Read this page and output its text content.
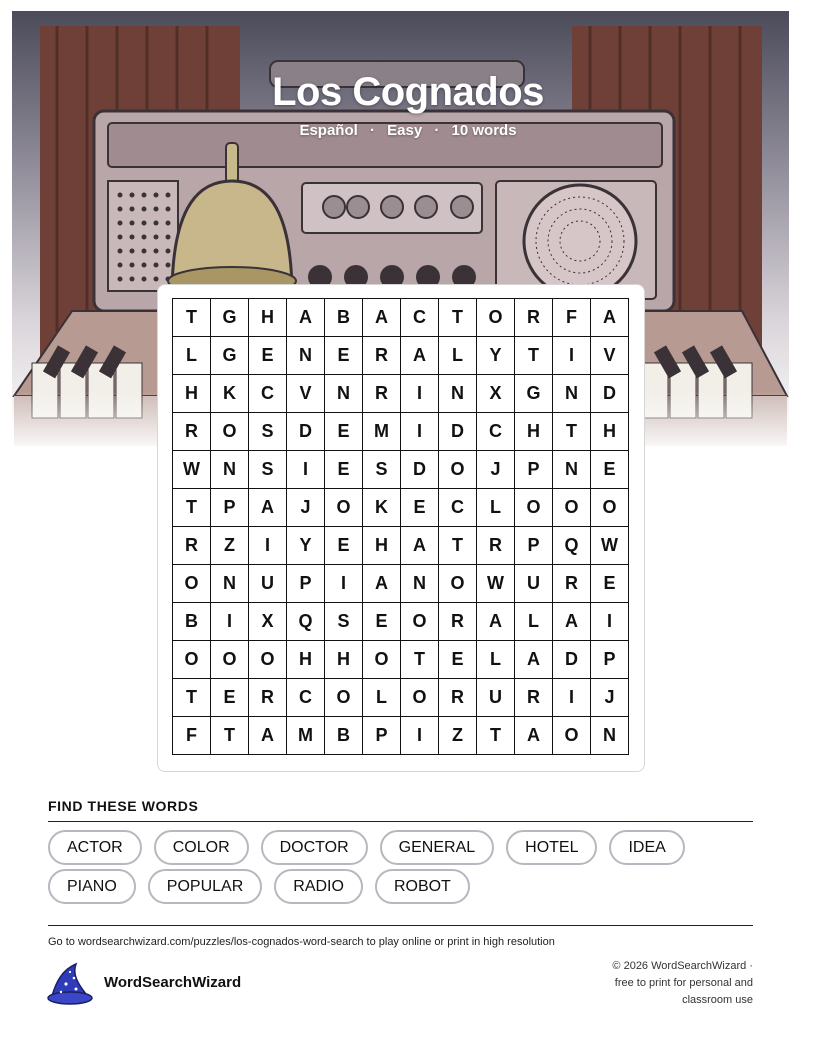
Los Cognados
Español · Easy · 10 words
T	G	H	A	B	A	C	T	O	R	F	A
L	G	E	N	E	R	A	L	Y	T	I	V
H	K	C	V	N	R	I	N	X	G	N	D
R	O	S	D	E	M	I	D	C	H	T	H
W	N	S	I	E	S	D	O	J	P	N	E
T	P	A	J	O	K	E	C	L	O	O	O
R	Z	I	Y	E	H	A	T	R	P	Q	W
O	N	U	P	I	A	N	O	W	U	R	E
B	I	X	Q	S	E	O	R	A	L	A	I
O	O	O	H	H	O	T	E	L	A	D	P
T	E	R	C	O	L	O	R	U	R	I	J
F	T	A	M	B	P	I	Z	T	A	O	N
FIND THESE WORDS
ACTOR	COLOR	DOCTOR	GENERAL	HOTEL	IDEA
PIANO	POPULAR	RADIO	ROBOT
Go to wordsearchwizard.com/puzzles/los-cognados-word-search to play online or print in high resolution
WordSearchWizard
© 2026 WordSearchWizard ·
free to print for personal and
classroom use
